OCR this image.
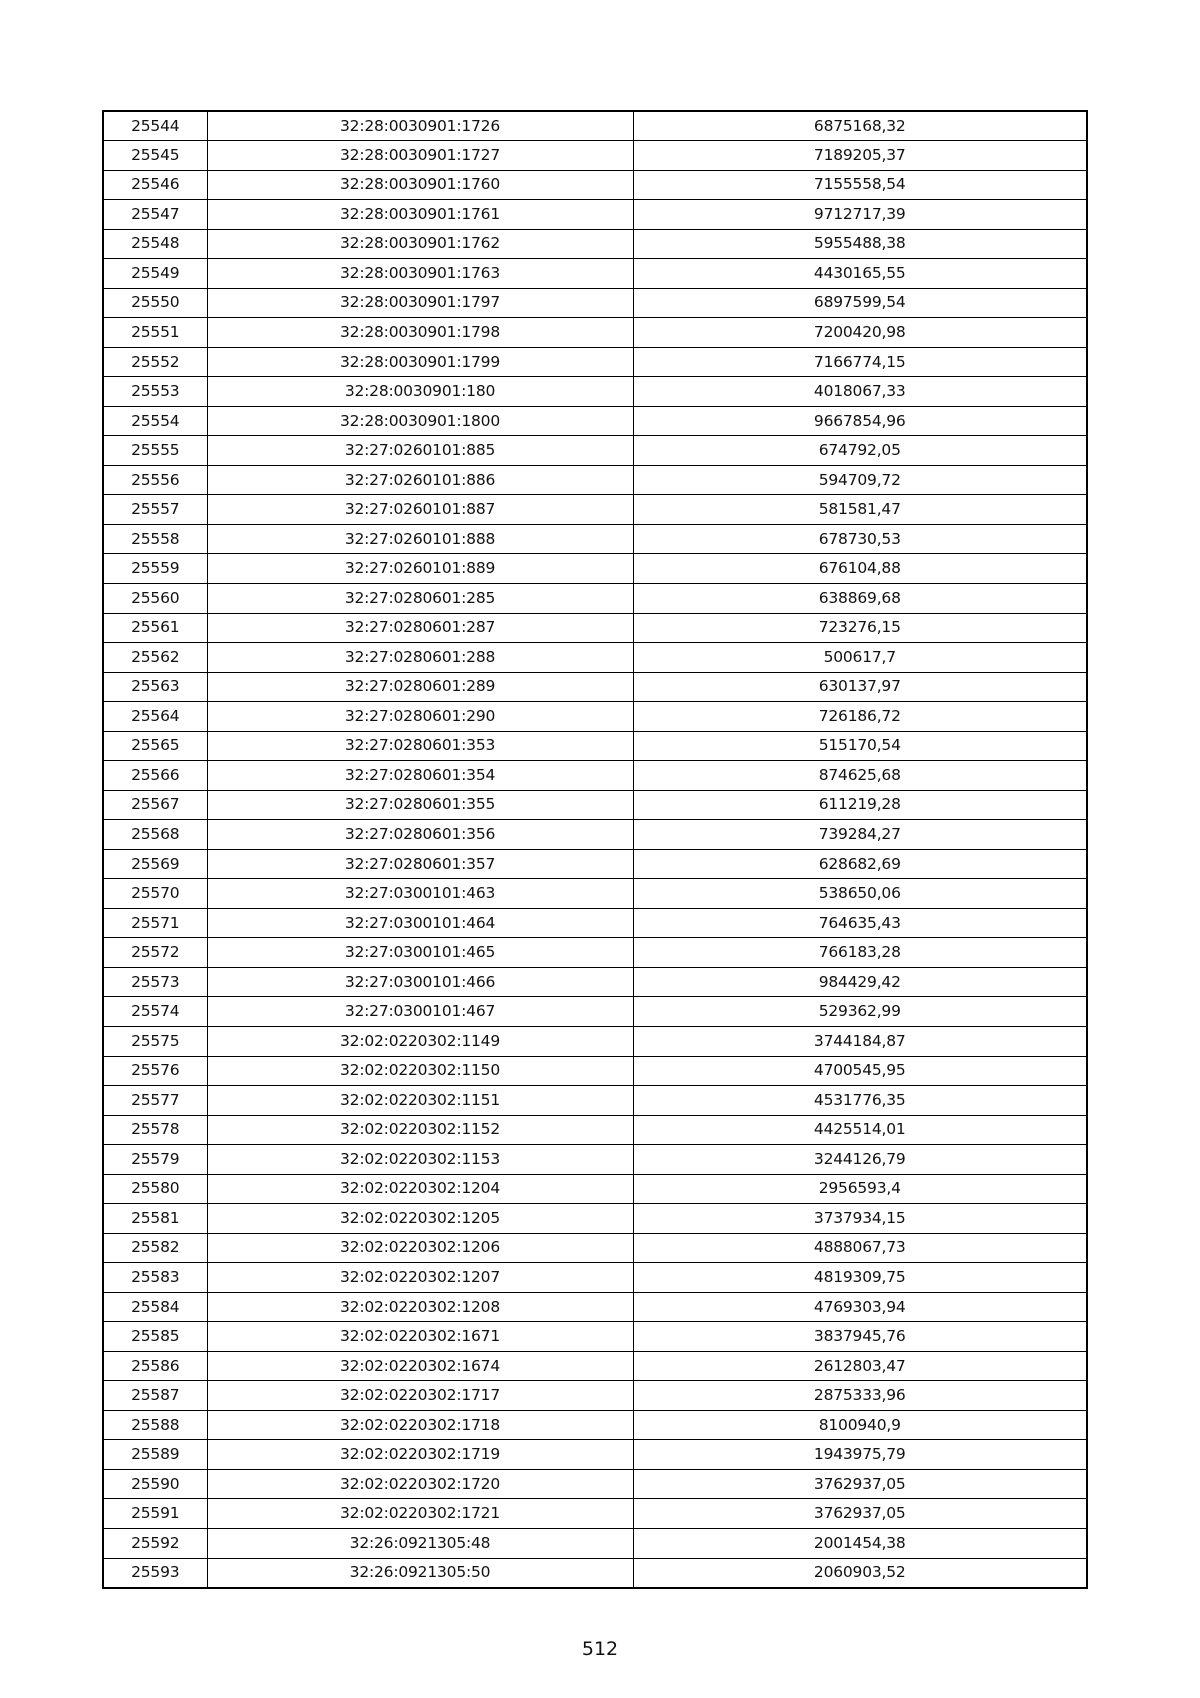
25544	32:28:0030901:1726	6875168,32
25545	32:28:0030901:1727	7189205,37
25546	32:28:0030901:1760	7155558,54
25547	32:28:0030901:1761	9712717,39
25548	32:28:0030901:1762	5955488,38
25549	32:28:0030901:1763	4430165,55
25550	32:28:0030901:1797	6897599,54
25551	32:28:0030901:1798	7200420,98
25552	32:28:0030901:1799	7166774,15
25553	32:28:0030901:180	4018067,33
25554	32:28:0030901:1800	9667854,96
25555	32:27:0260101:885	674792,05
25556	32:27:0260101:886	594709,72
25557	32:27:0260101:887	581581,47
25558	32:27:0260101:888	678730,53
25559	32:27:0260101:889	676104,88
25560	32:27:0280601:285	638869,68
25561	32:27:0280601:287	723276,15
25562	32:27:0280601:288	500617,7
25563	32:27:0280601:289	630137,97
25564	32:27:0280601:290	726186,72
25565	32:27:0280601:353	515170,54
25566	32:27:0280601:354	874625,68
25567	32:27:0280601:355	611219,28
25568	32:27:0280601:356	739284,27
25569	32:27:0280601:357	628682,69
25570	32:27:0300101:463	538650,06
25571	32:27:0300101:464	764635,43
25572	32:27:0300101:465	766183,28
25573	32:27:0300101:466	984429,42
25574	32:27:0300101:467	529362,99
25575	32:02:0220302:1149	3744184,87
25576	32:02:0220302:1150	4700545,95
25577	32:02:0220302:1151	4531776,35
25578	32:02:0220302:1152	4425514,01
25579	32:02:0220302:1153	3244126,79
25580	32:02:0220302:1204	2956593,4
25581	32:02:0220302:1205	3737934,15
25582	32:02:0220302:1206	4888067,73
25583	32:02:0220302:1207	4819309,75
25584	32:02:0220302:1208	4769303,94
25585	32:02:0220302:1671	3837945,76
25586	32:02:0220302:1674	2612803,47
25587	32:02:0220302:1717	2875333,96
25588	32:02:0220302:1718	8100940,9
25589	32:02:0220302:1719	1943975,79
25590	32:02:0220302:1720	3762937,05
25591	32:02:0220302:1721	3762937,05
25592	32:26:0921305:48	2001454,38
25593	32:26:0921305:50	2060903,52
512
